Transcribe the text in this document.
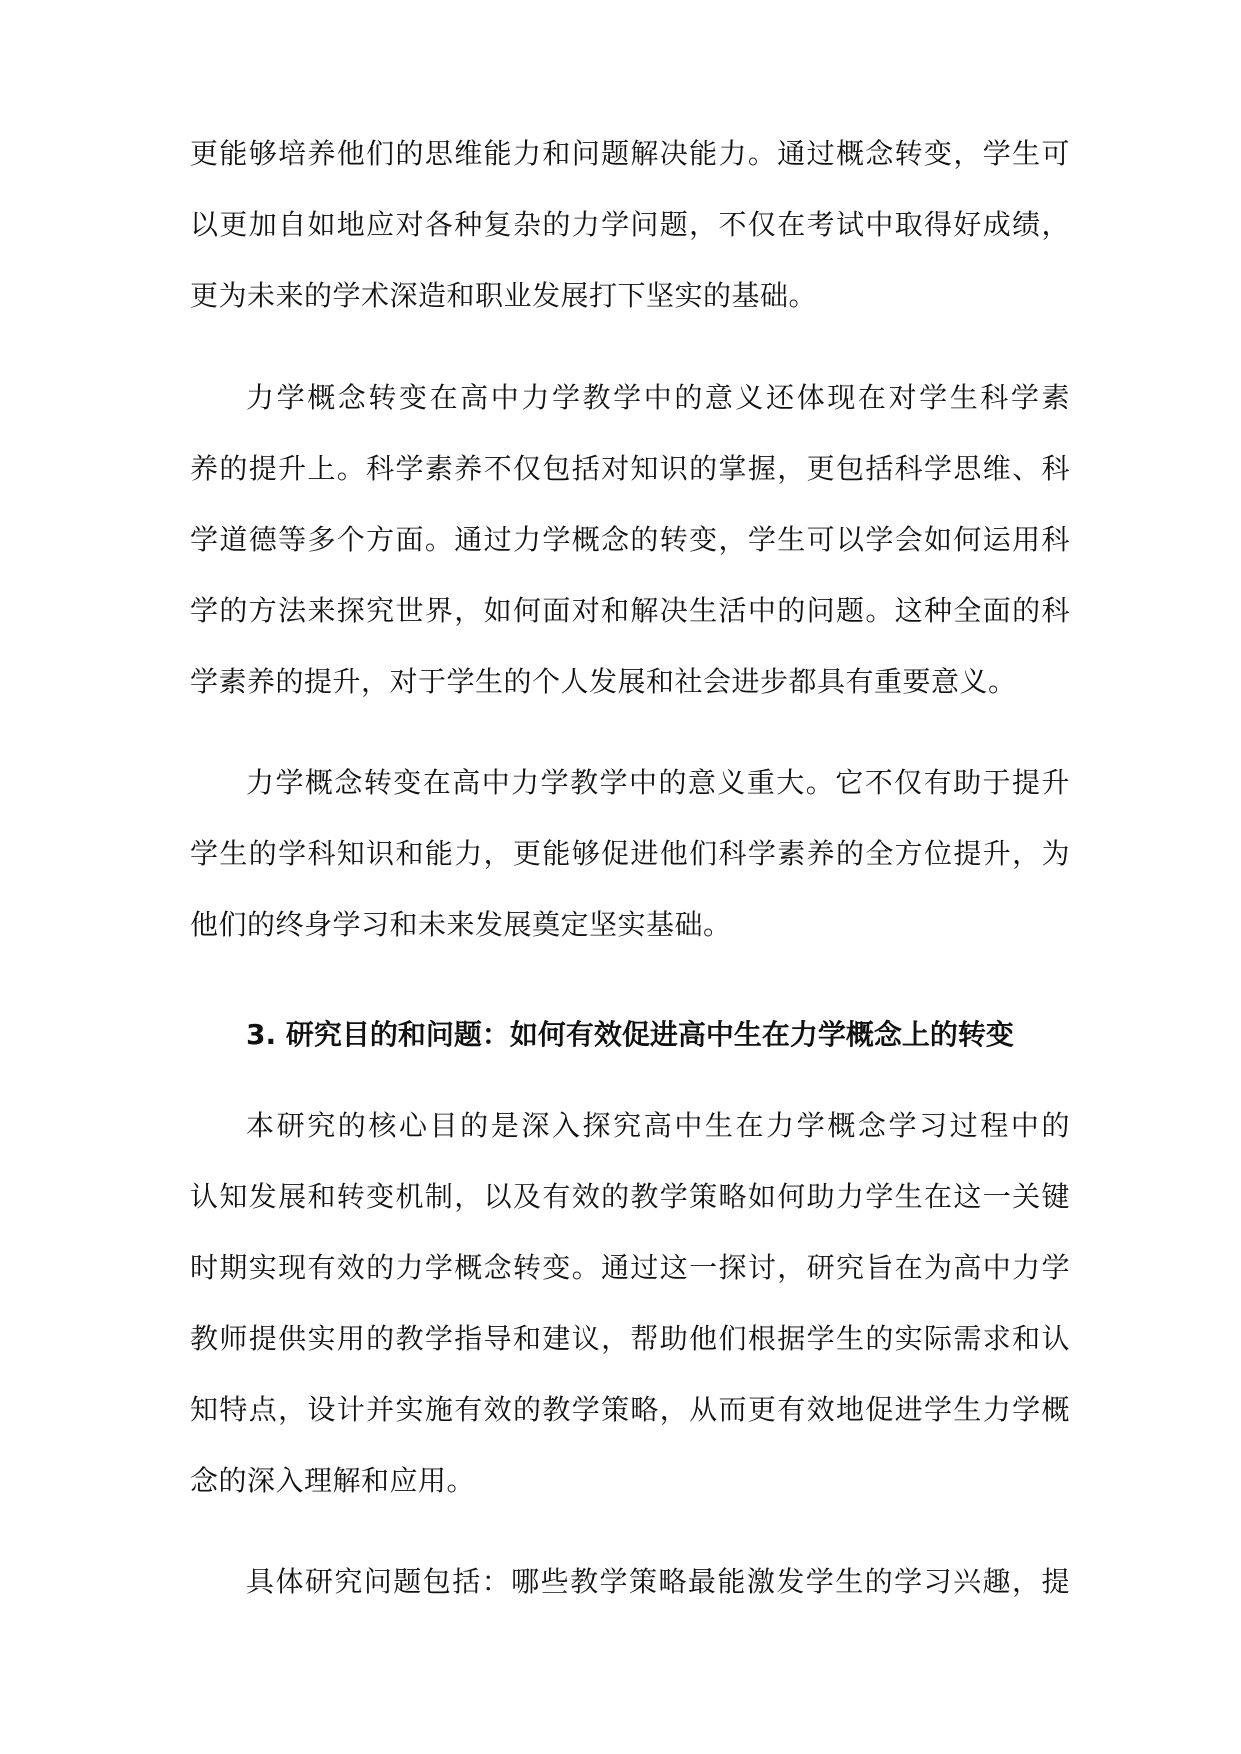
更能够培养他们的思维能力和问题解决能力。通过概念转变，学生可
以更加自如地应对各种复杂的力学问题，不仅在考试中取得好成绩，
更为未来的学术深造和职业发展打下坚实的基础。
力学概念转变在高中力学教学中的意义还体现在对学生科学素
养的提升上。科学素养不仅包括对知识的掌握，更包括科学思维、科
学道德等多个方面。通过力学概念的转变，学生可以学会如何运用科
学的方法来探究世界，如何面对和解决生活中的问题。这种全面的科
学素养的提升，对于学生的个人发展和社会进步都具有重要意义。
力学概念转变在高中力学教学中的意义重大。它不仅有助于提升
学生的学科知识和能力，更能够促进他们科学素养的全方位提升，为
他们的终身学习和未来发展奠定坚实基础。
3. 研究目的和问题：如何有效促进高中生在力学概念上的转变
本研究的核心目的是深入探究高中生在力学概念学习过程中的
认知发展和转变机制，以及有效的教学策略如何助力学生在这一关键
时期实现有效的力学概念转变。通过这一探讨，研究旨在为高中力学
教师提供实用的教学指导和建议，帮助他们根据学生的实际需求和认
知特点，设计并实施有效的教学策略，从而更有效地促进学生力学概
念的深入理解和应用。
具体研究问题包括：哪些教学策略最能激发学生的学习兴趣，提
